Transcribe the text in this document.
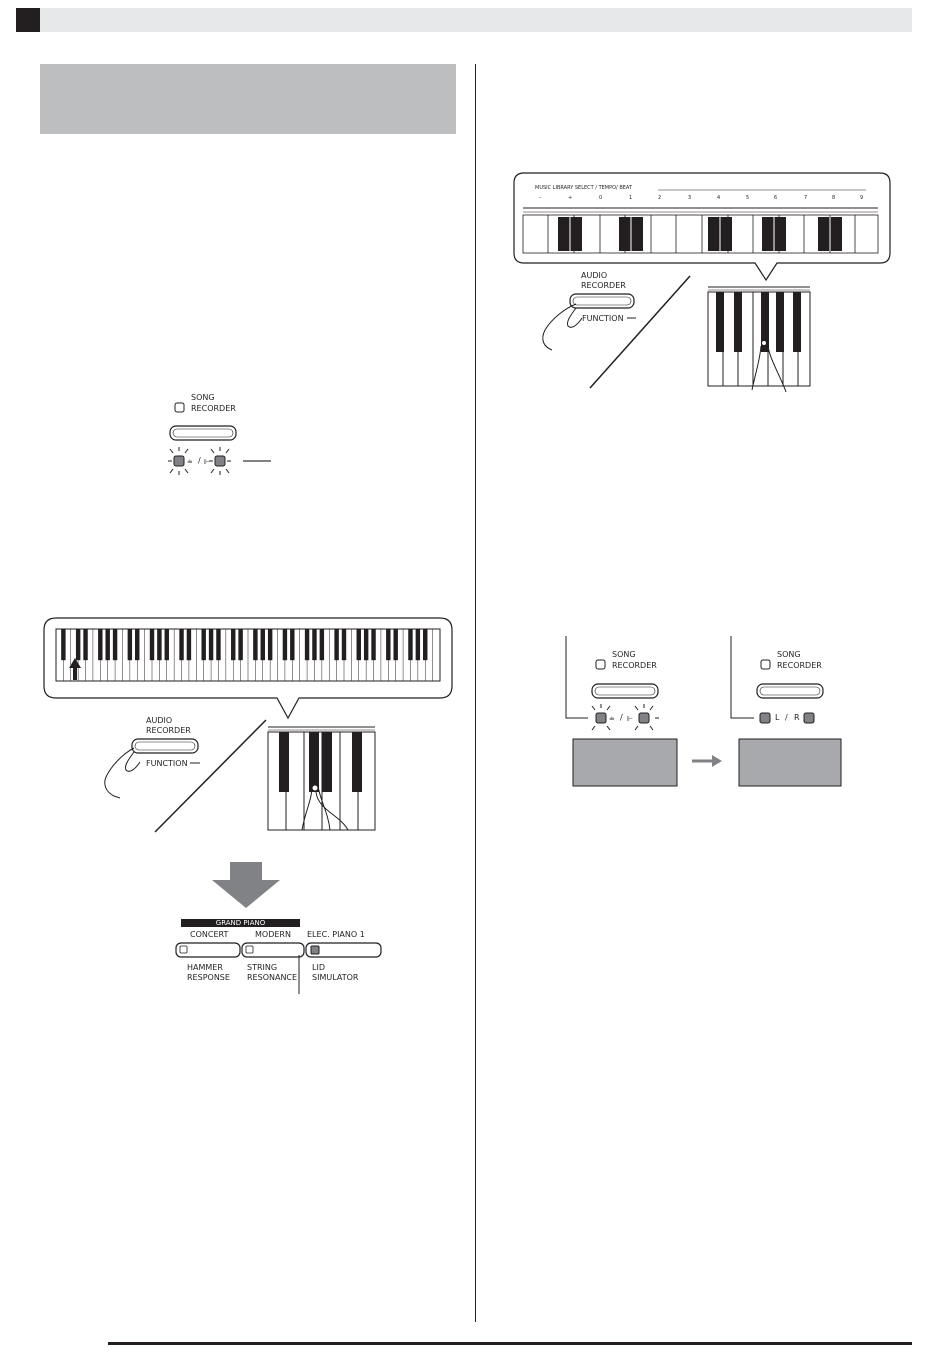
≐ ⊩
SONG
RECORDER
/
AUDIO
RECORDER
FUNCTION
GRAND PIANO
CONCERT	MODERN ELEC. PIANO 1
HAMMER
RESPONSE
STRING
RESONANCE
LID
SIMULATOR
MUSIC LIBRARY SELECT / TEMPO/ BEAT
–	+	0	1	2	3	4	5	6	7	8	9
AUDIO
RECORDER
FUNCTION
≐ ⊩
SONG
RECORDER
/
SONG
RECORDER
L / R
